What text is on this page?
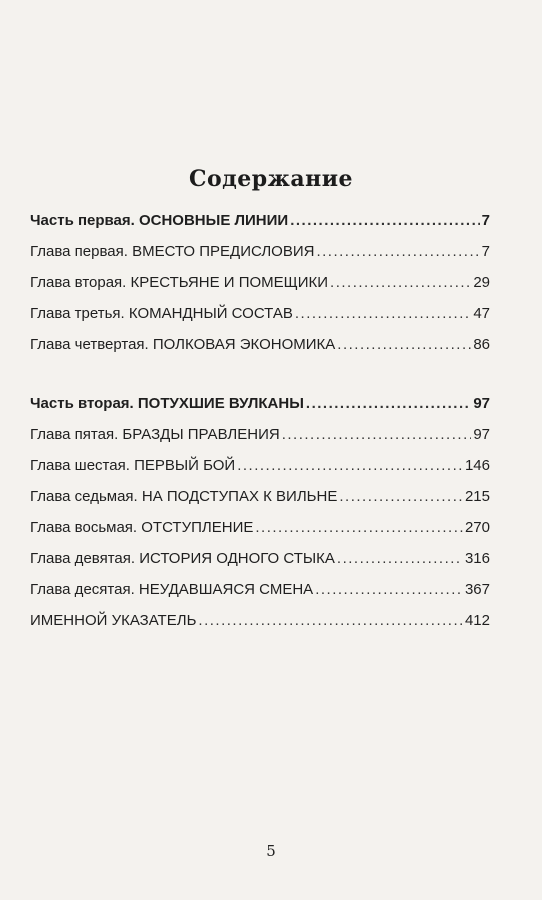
Содержание
Часть первая. ОСНОВНЫЕ ЛИНИИ .....	7
Глава первая. ВМЕСТО ПРЕДИСЛОВИЯ .....	7
Глава вторая. КРЕСТЬЯНЕ И ПОМЕЩИКИ .....	29
Глава третья. КОМАНДНЫЙ СОСТАВ .....	47
Глава четвертая. ПОЛКОВАЯ ЭКОНОМИКА .....	86
Часть вторая. ПОТУХШИЕ ВУЛКАНЫ .....	97
Глава пятая. БРАЗДЫ ПРАВЛЕНИЯ .....	97
Глава шестая. ПЕРВЫЙ БОЙ .....	146
Глава седьмая. НА ПОДСТУПАХ К ВИЛЬНЕ .....	215
Глава восьмая. ОТСТУПЛЕНИЕ .....	270
Глава девятая. ИСТОРИЯ ОДНОГО СТЫКА .....	316
Глава десятая. НЕУДАВШАЯСЯ СМЕНА .....	367
ИМЕННОЙ УКАЗАТЕЛЬ .....	412
5
